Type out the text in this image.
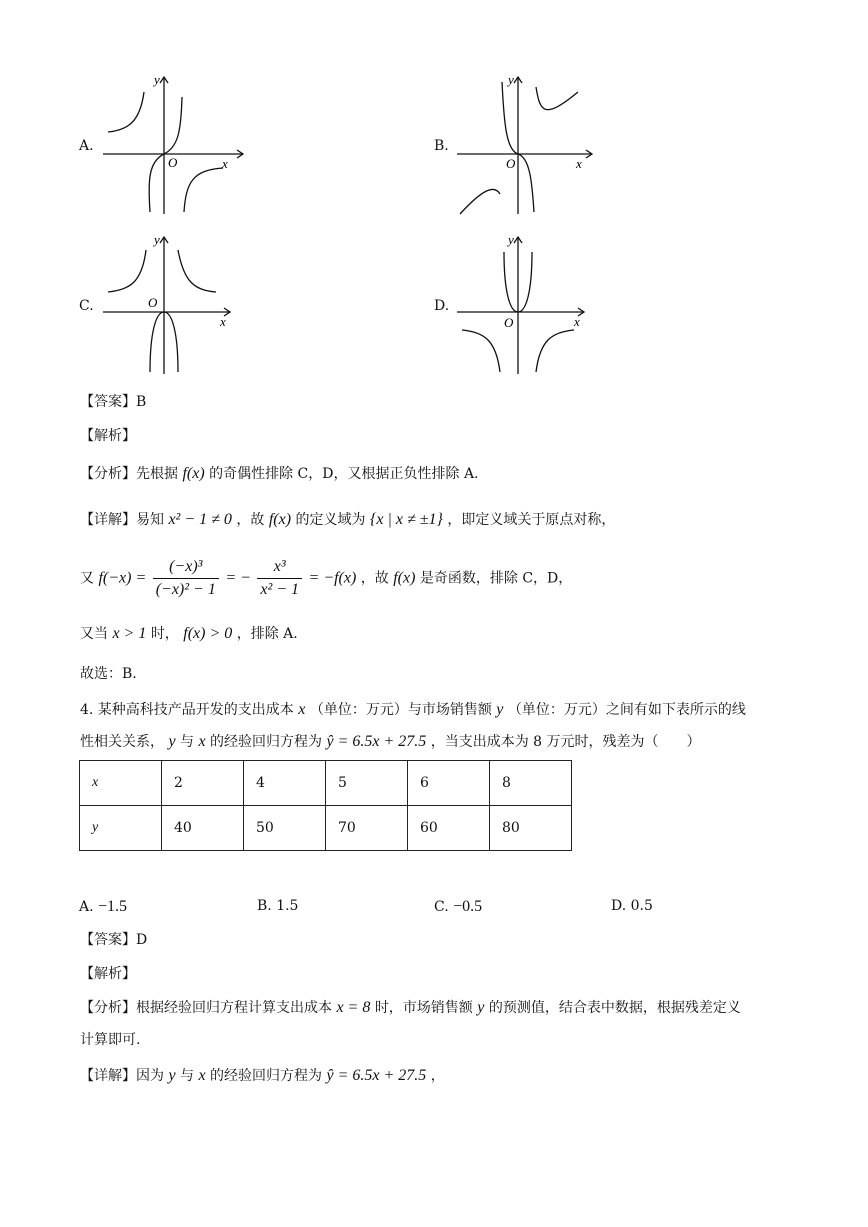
A.
O	x
y
B.
O	x
y
C.	O
x
y
D.
O	x
y
【答案】B
【解析】
【分析】先根据 f(x) 的奇偶性排除 C，D，又根据正负性排除 A.
【详解】易知 x² − 1 ≠ 0 ，故 f(x) 的定义域为 {x | x ≠ ±1} ，即定义域关于原点对称，
又 $f(-x) = \frac{\text{(−x)³}}{\text{(−x)² − 1}}$ = − $\frac{\text{x³}}{\text{x² − 1}} = -f(x)$ ，故 f(x) 是奇函数，排除 C，D，
又当 x > 1 时， f(x) > 0 ，排除 A.
故选：B.
4. 某种高科技产品开发的支出成本 x （单位：万元）与市场销售额 y （单位：万元）之间有如下表所示的线
性相关关系， y 与 x 的经验回归方程为 ŷ = 6.5x + 27.5 ，当支出成本为 8 万元时，残差为（　　）
x	2	4	5	6	8
y	40	50	70	60	80
A. −1.5	B. 1.5	C. −0.5	D. 0.5
【答案】D
【解析】
【分析】根据经验回归方程计算支出成本 x = 8 时，市场销售额 y 的预测值，结合表中数据，根据残差定义
计算即可.
【详解】因为 y 与 x 的经验回归方程为 ŷ = 6.5x + 27.5 ，
